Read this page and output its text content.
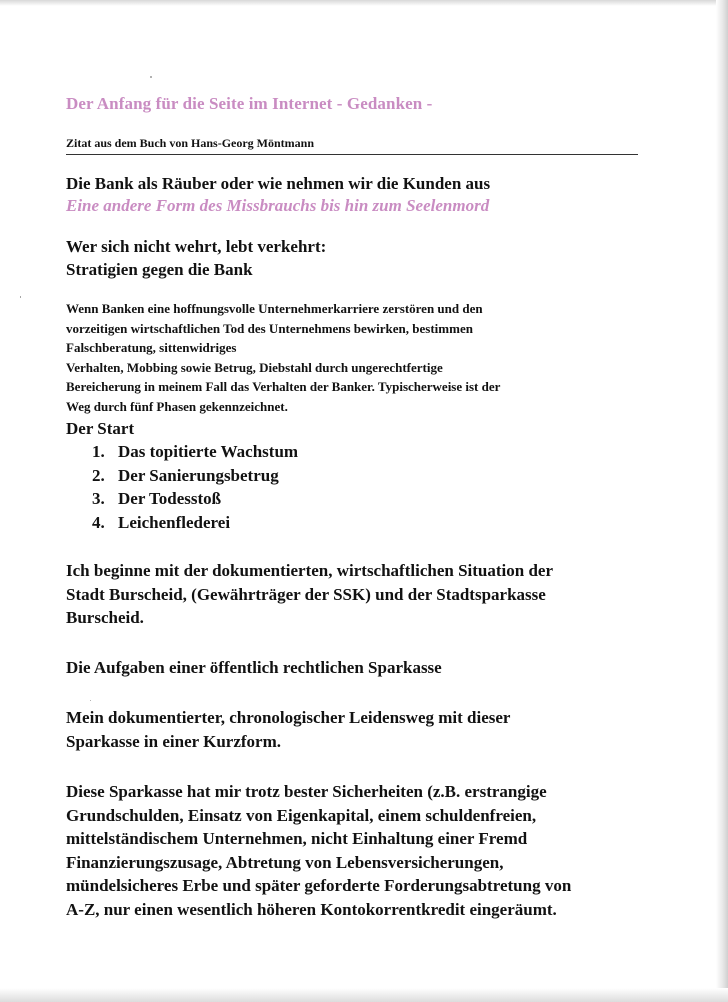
Der Anfang für die Seite im Internet - Gedanken -
Zitat aus dem Buch von Hans-Georg Möntmann
Die Bank als Räuber oder wie nehmen wir die Kunden aus
Eine andere Form des Missbrauchs bis hin zum Seelenmord
Wer sich nicht wehrt, lebt verkehrt:
Stratigien gegen die Bank
Wenn Banken eine hoffnungsvolle Unternehmerkarriere zerstören und den
vorzeitigen wirtschaftlichen Tod des Unternehmens bewirken, bestimmen
Falschberatung, sittenwidriges
Verhalten, Mobbing sowie Betrug, Diebstahl durch ungerechtfertige
Bereicherung in meinem Fall das Verhalten der Banker. Typischerweise ist der
Weg durch fünf Phasen gekennzeichnet.
Der Start
1. Das topitierte Wachstum
2. Der Sanierungsbetrug
3. Der Todesstoß
4. Leichenflederei
Ich beginne mit der dokumentierten, wirtschaftlichen Situation der
Stadt Burscheid, (Gewährträger der SSK) und der Stadtsparkasse
Burscheid.
Die Aufgaben einer öffentlich rechtlichen Sparkasse
Mein dokumentierter, chronologischer Leidensweg mit dieser
Sparkasse in einer Kurzform.
Diese Sparkasse hat mir trotz bester Sicherheiten (z.B. erstrangige
Grundschulden, Einsatz von Eigenkapital, einem schuldenfreien,
mittelständischem Unternehmen, nicht Einhaltung einer Fremd
Finanzierungszusage, Abtretung von Lebensversicherungen,
mündelsicheres Erbe und später geforderte Forderungsabtretung von
A-Z, nur einen wesentlich höheren Kontokorrentkredit eingeräumt.
